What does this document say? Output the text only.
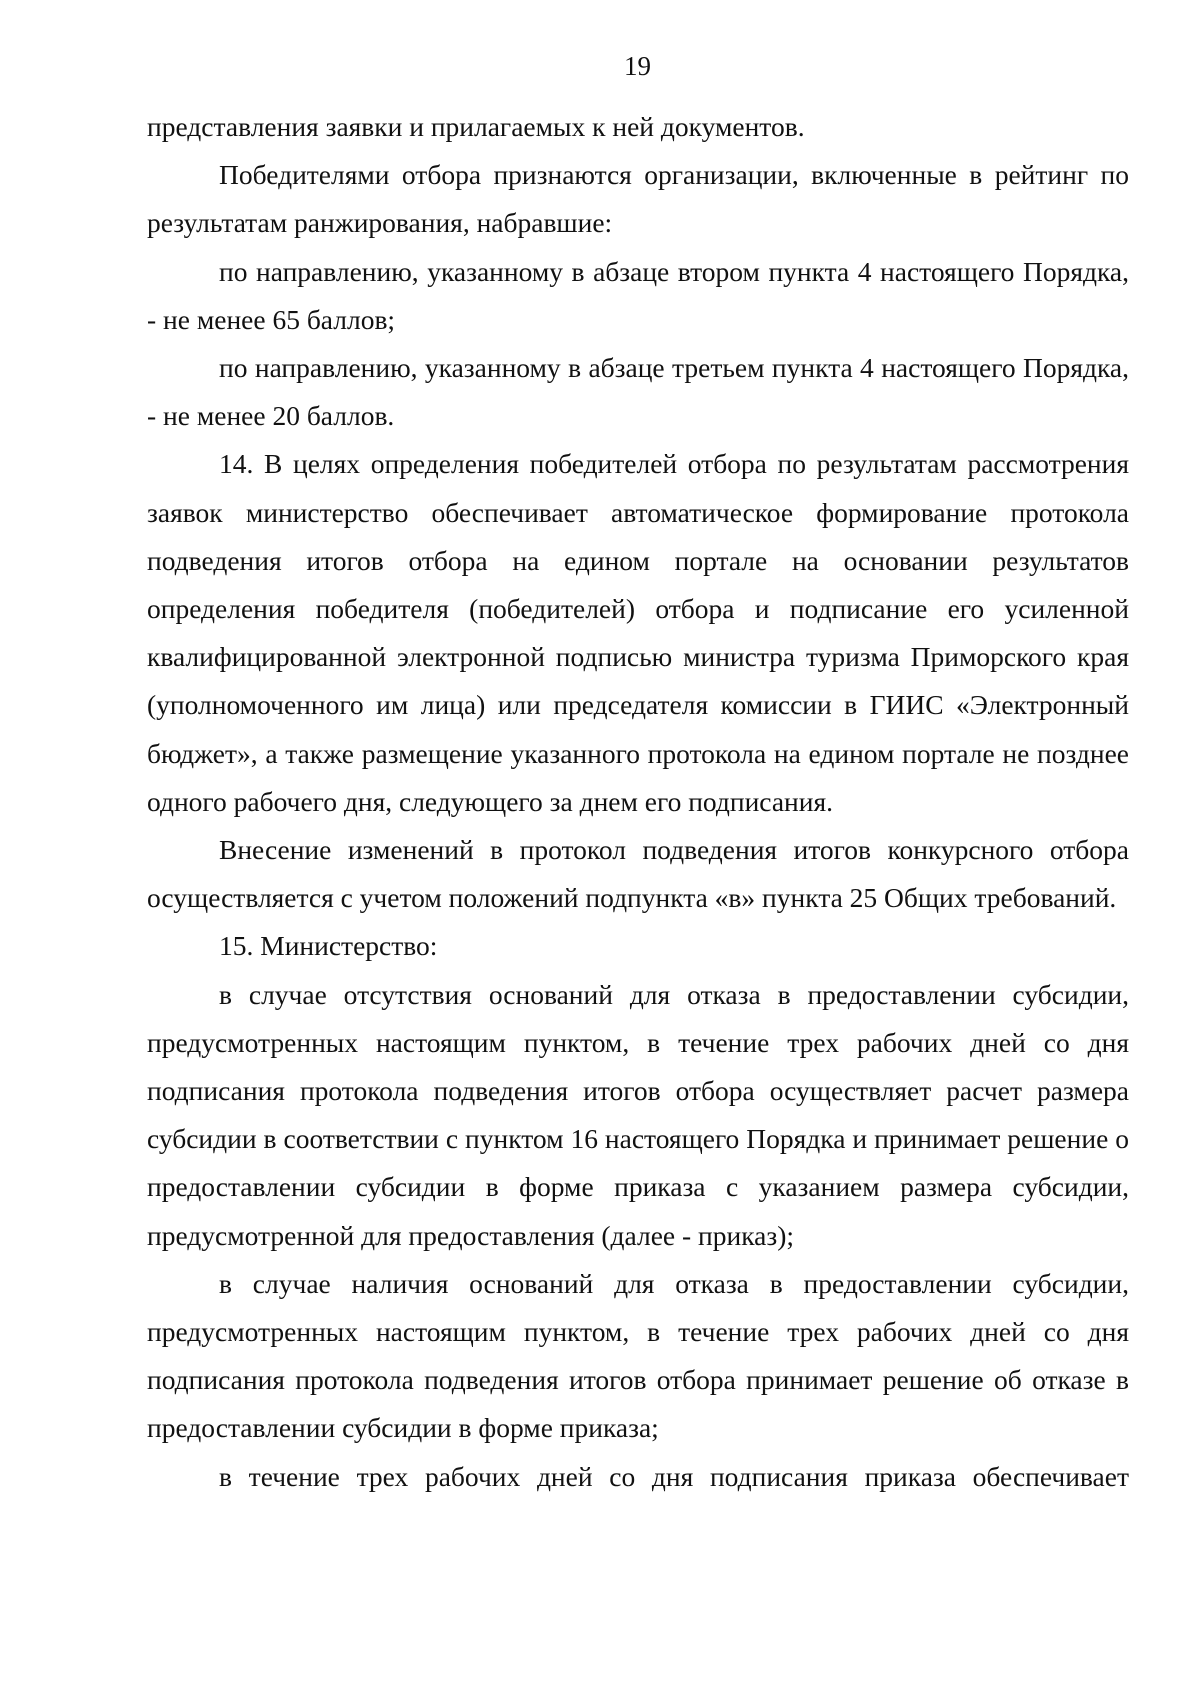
19

представления заявки и прилагаемых к ней документов.

Победителями отбора признаются организации, включенные в рейтинг по результатам ранжирования, набравшие:

по направлению, указанному в абзаце втором пункта 4 настоящего Порядка, - не менее 65 баллов;

по направлению, указанному в абзаце третьем пункта 4 настоящего Порядка, - не менее 20 баллов.

14. В целях определения победителей отбора по результатам рассмотрения заявок министерство обеспечивает автоматическое формирование протокола подведения итогов отбора на едином портале на основании результатов определения победителя (победителей) отбора и подписание его усиленной квалифицированной электронной подписью министра туризма Приморского края (уполномоченного им лица) или председателя комиссии в ГИИС «Электронный бюджет», а также размещение указанного протокола на едином портале не позднее одного рабочего дня, следующего за днем его подписания.

Внесение изменений в протокол подведения итогов конкурсного отбора осуществляется с учетом положений подпункта «в» пункта 25 Общих требований.

15. Министерство:

в случае отсутствия оснований для отказа в предоставлении субсидии, предусмотренных настоящим пунктом, в течение трех рабочих дней со дня подписания протокола подведения итогов отбора осуществляет расчет размера субсидии в соответствии с пунктом 16 настоящего Порядка и принимает решение о предоставлении субсидии в форме приказа с указанием размера субсидии, предусмотренной для предоставления (далее - приказ);

в случае наличия оснований для отказа в предоставлении субсидии, предусмотренных настоящим пунктом, в течение трех рабочих дней со дня подписания протокола подведения итогов отбора принимает решение об отказе в предоставлении субсидии в форме приказа;

в течение трех рабочих дней со дня подписания приказа обеспечивает
